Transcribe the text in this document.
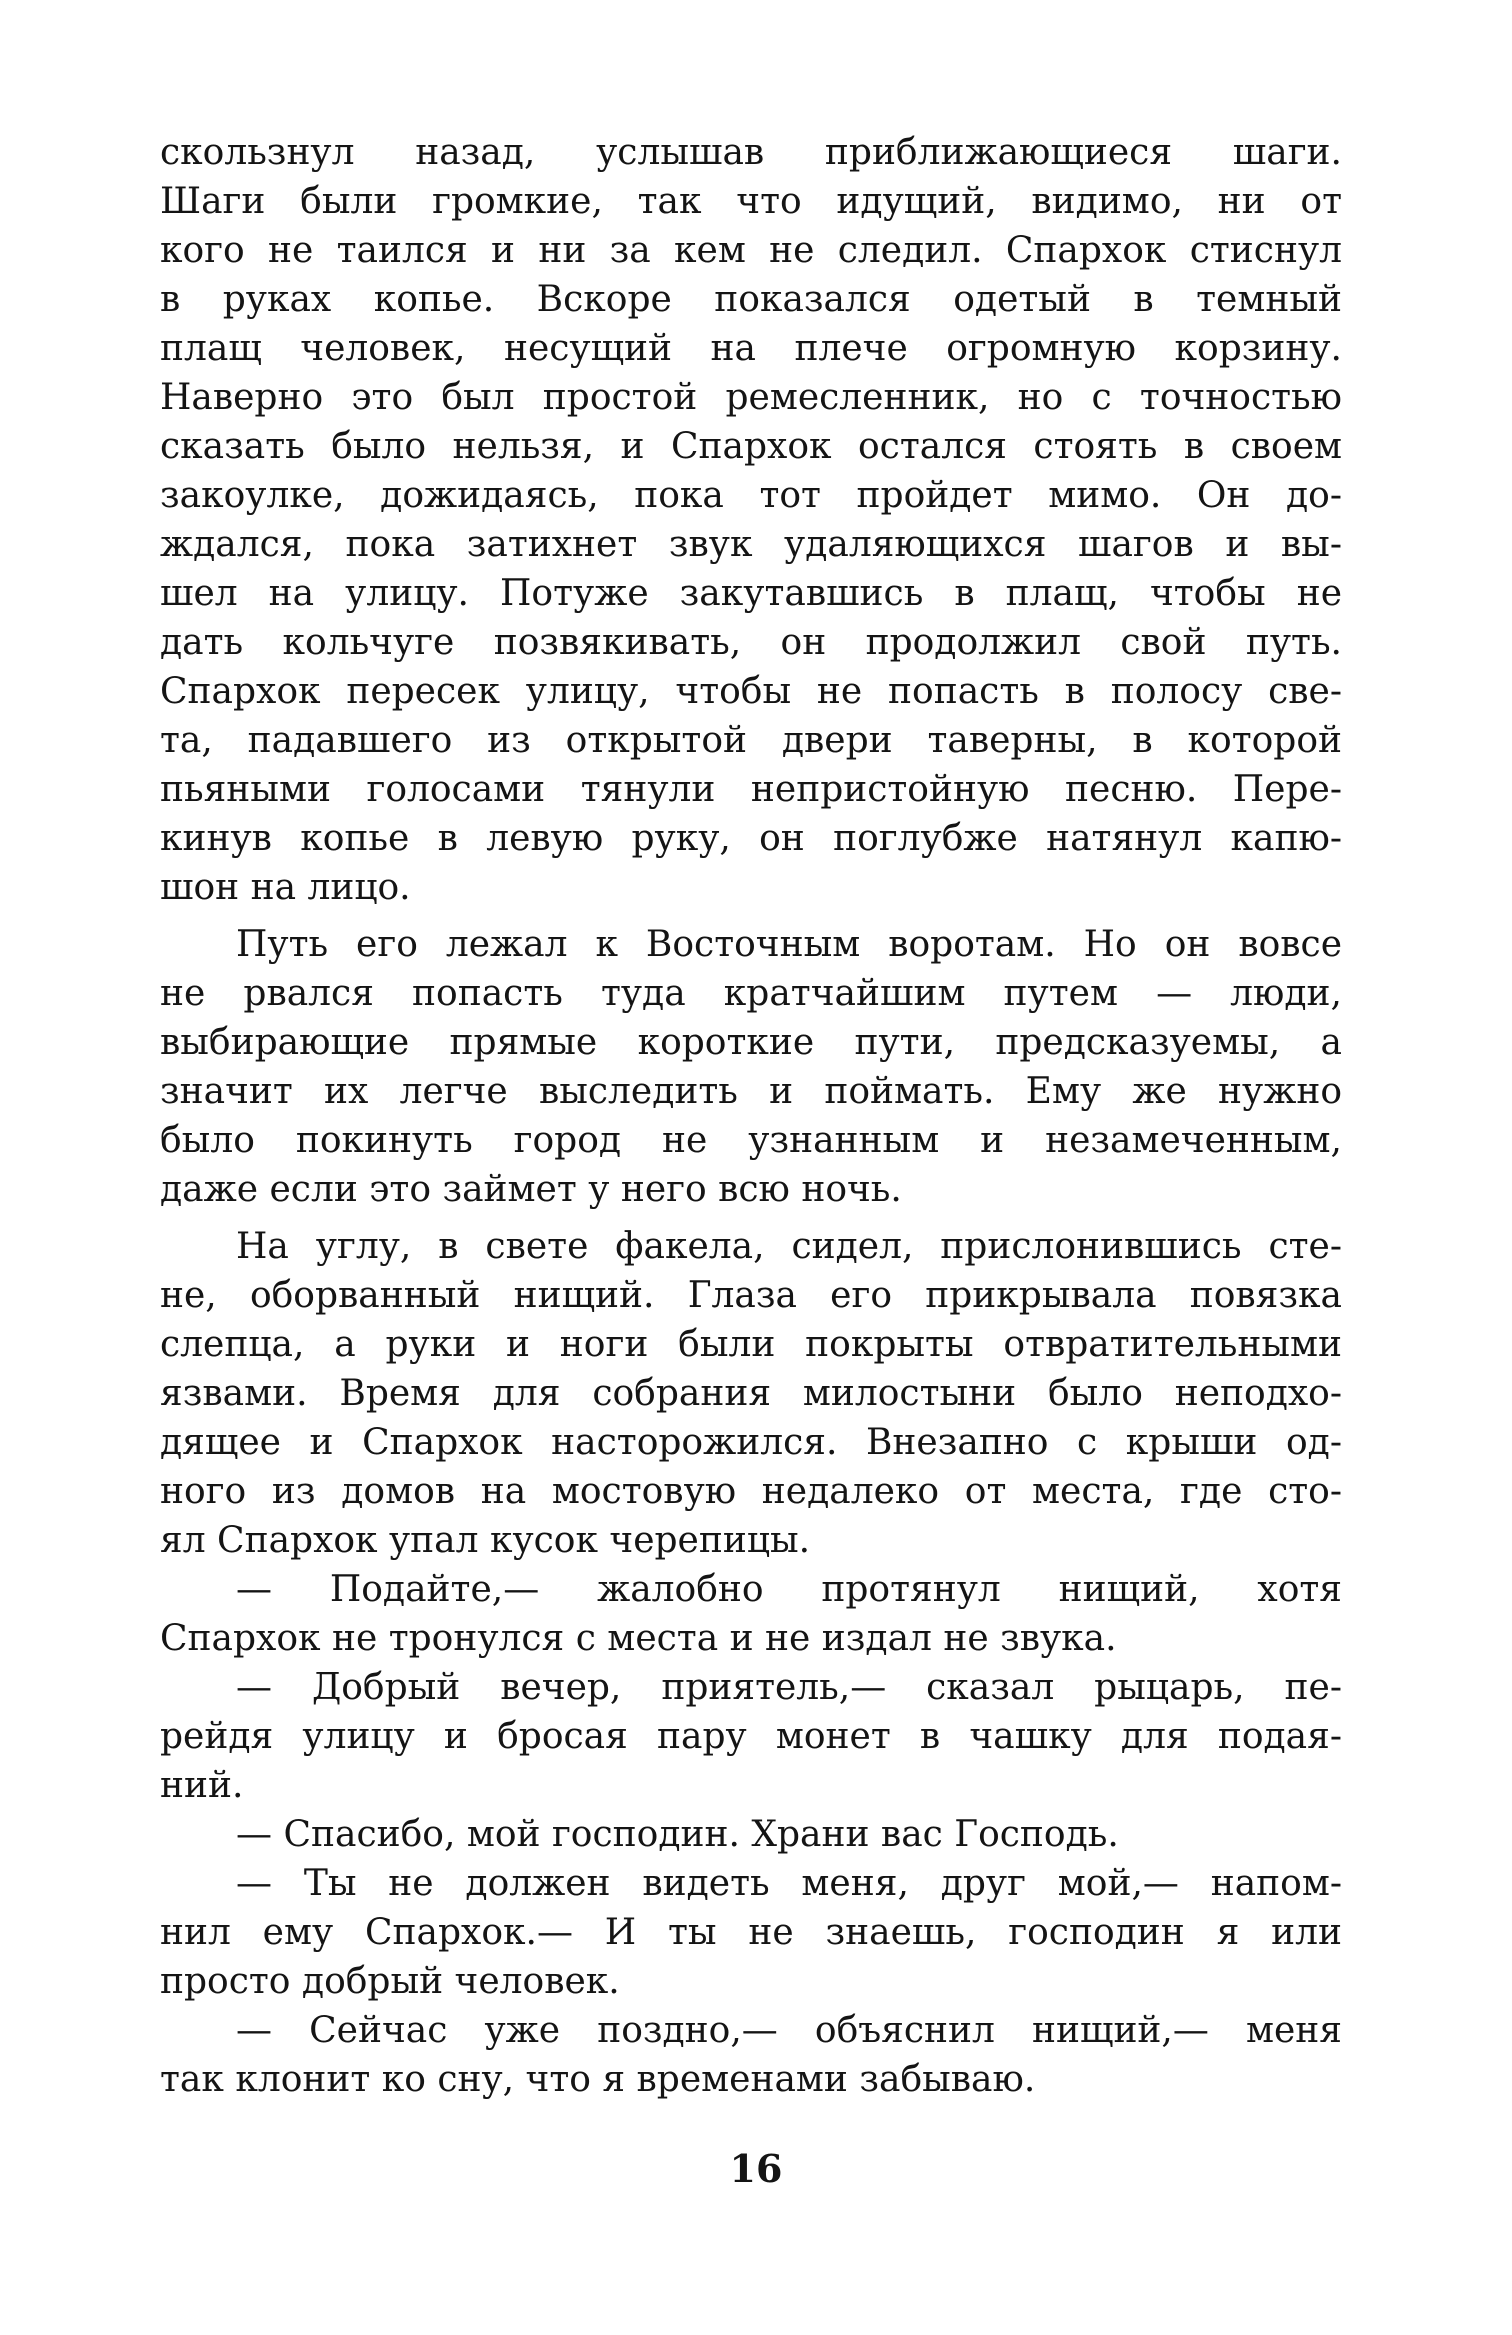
скользнул назад, услышав приближающиеся шаги.
Шаги были громкие, так что идущий, видимо, ни от
кого не таился и ни за кем не следил. Спархок стиснул
в руках копье. Вскоре показался одетый в темный
плащ человек, несущий на плече огромную корзину.
Наверно это был простой ремесленник, но с точностью
сказать было нельзя, и Спархок остался стоять в своем
закоулке, дожидаясь, пока тот пройдет мимо. Он до-
ждался, пока затихнет звук удаляющихся шагов и вы-
шел на улицу. Потуже закутавшись в плащ, чтобы не
дать кольчуге позвякивать, он продолжил свой путь.
Спархок пересек улицу, чтобы не попасть в полосу све-
та, падавшего из открытой двери таверны, в которой
пьяными голосами тянули непристойную песню. Пере-
кинув копье в левую руку, он поглубже натянул капю-
шон на лицо.

Путь его лежал к Восточным воротам. Но он вовсе
не рвался попасть туда кратчайшим путем — люди,
выбирающие прямые короткие пути, предсказуемы, а
значит их легче выследить и поймать. Ему же нужно
было покинуть город не узнанным и незамеченным,
даже если это займет у него всю ночь.

На углу, в свете факела, сидел, прислонившись сте-
не, оборванный нищий. Глаза его прикрывала повязка
слепца, а руки и ноги были покрыты отвратительными
язвами. Время для собрания милостыни было неподхо-
дящее и Спархок насторожился. Внезапно с крыши од-
ного из домов на мостовую недалеко от места, где сто-
ял Спархок упал кусок черепицы.

— Подайте,— жалобно протянул нищий, хотя
Спархок не тронулся с места и не издал не звука.

— Добрый вечер, приятель,— сказал рыцарь, пе-
рейдя улицу и бросая пару монет в чашку для подая-
ний.

— Спасибо, мой господин. Храни вас Господь.

— Ты не должен видеть меня, друг мой,— напом-
нил ему Спархок.— И ты не знаешь, господин я или
просто добрый человек.

— Сейчас уже поздно,— объяснил нищий,— меня
так клонит ко сну, что я временами забываю.

16
